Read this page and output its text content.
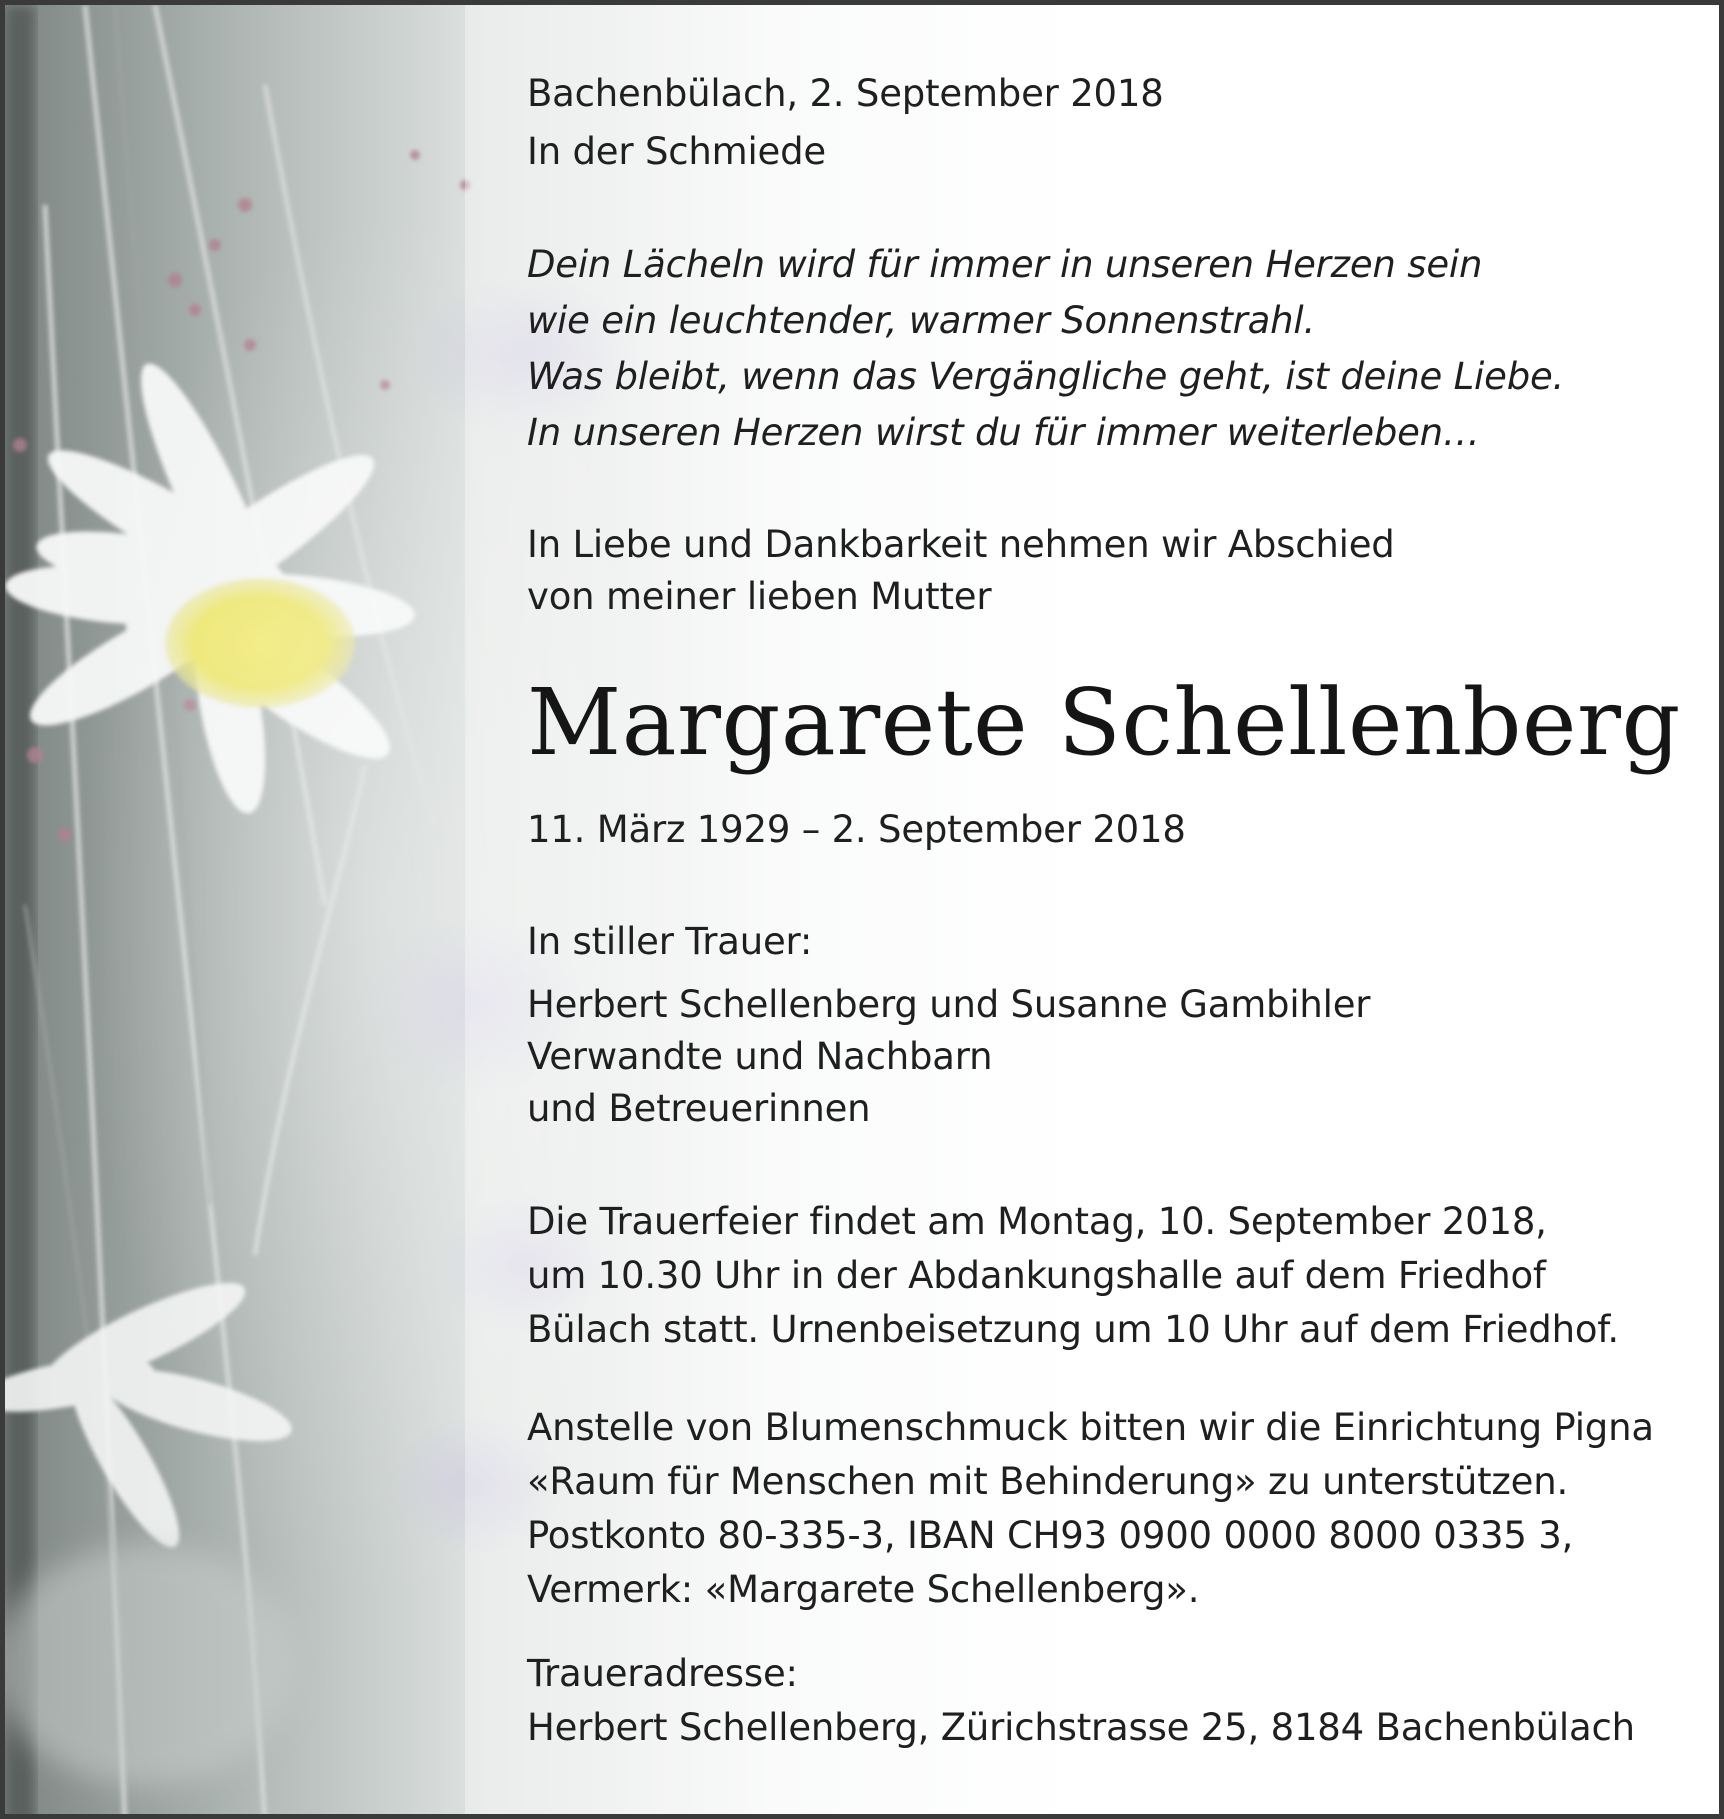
Bachenbülach, 2. September 2018
In der Schmiede
Dein Lächeln wird für immer in unseren Herzen sein
wie ein leuchtender, warmer Sonnenstrahl.
Was bleibt, wenn das Vergängliche geht, ist deine Liebe.
In unseren Herzen wirst du für immer weiterleben…
In Liebe und Dankbarkeit nehmen wir Abschied
von meiner lieben Mutter
Margarete Schellenberg
11. März 1929 – 2. September 2018
In stiller Trauer:
Herbert Schellenberg und Susanne Gambihler
Verwandte und Nachbarn
und Betreuerinnen
Die Trauerfeier findet am Montag, 10. September 2018,
um 10.30 Uhr in der Abdankungshalle auf dem Friedhof
Bülach statt. Urnenbeisetzung um 10 Uhr auf dem Friedhof.
Anstelle von Blumenschmuck bitten wir die Einrichtung Pigna
«Raum für Menschen mit Behinderung» zu unterstützen.
Postkonto 80-335-3, IBAN CH93 0900 0000 8000 0335 3,
Vermerk: «Margarete Schellenberg».
Traueradresse:
Herbert Schellenberg, Zürichstrasse 25, 8184 Bachenbülach
